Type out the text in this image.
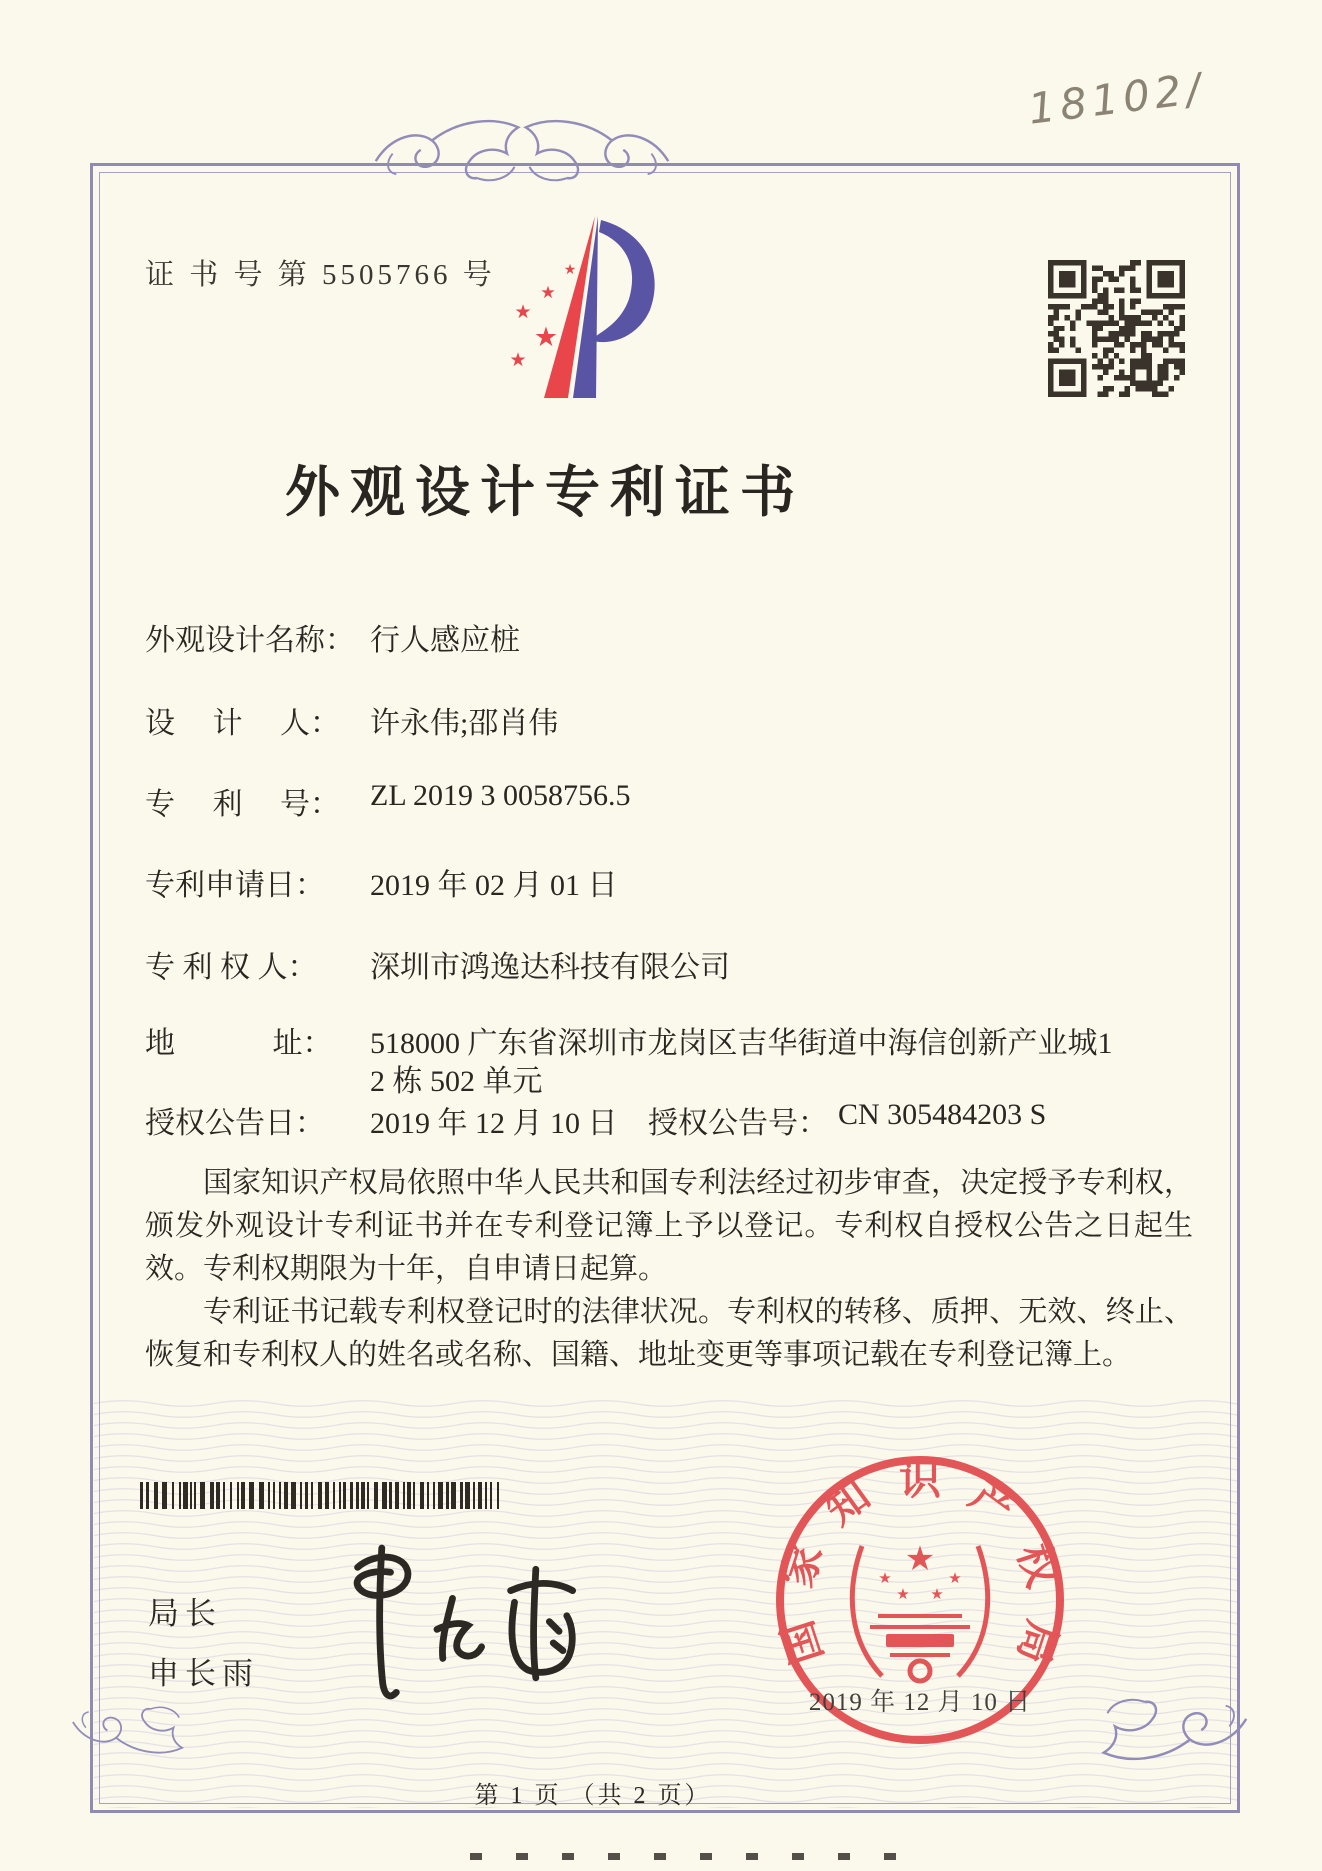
18102/
证 书 号 第 5505766 号	★
★
★
★
★
外观设计专利证书
外观设计名称： 行人感应桩
设　 计　 人： 许永伟;邵肖伟
专　 利　 号： ZL 2019 3 0058756.5
专利申请日： 2019 年 02 月 01 日
专 利 权 人： 深圳市鸿逸达科技有限公司
地　　　 址： 518000 广东省深圳市龙岗区吉华街道中海信创新产业城1
2 栋 502 单元
授权公告日： 2019 年 12 月 10 日 授权公告号： CN 305484203 S

国家知识产权局依照中华人民共和国专利法经过初步审查，决定授予专利权，颁发外观设计专利证书并在专利登记簿上予以登记。专利权自授权公告之日起生效。专利权期限为十年，自申请日起算。

专利证书记载专利权登记时的法律状况。专利权的转移、质押、无效、终止、恢复和专利权人的姓名或名称、国籍、地址变更等事项记载在专利登记簿上。

局长
申长雨
国
家
知 识 产
权
局
★
★
★ ★
★
2019 年 12 月 10 日
第 1 页 （共 2 页）
